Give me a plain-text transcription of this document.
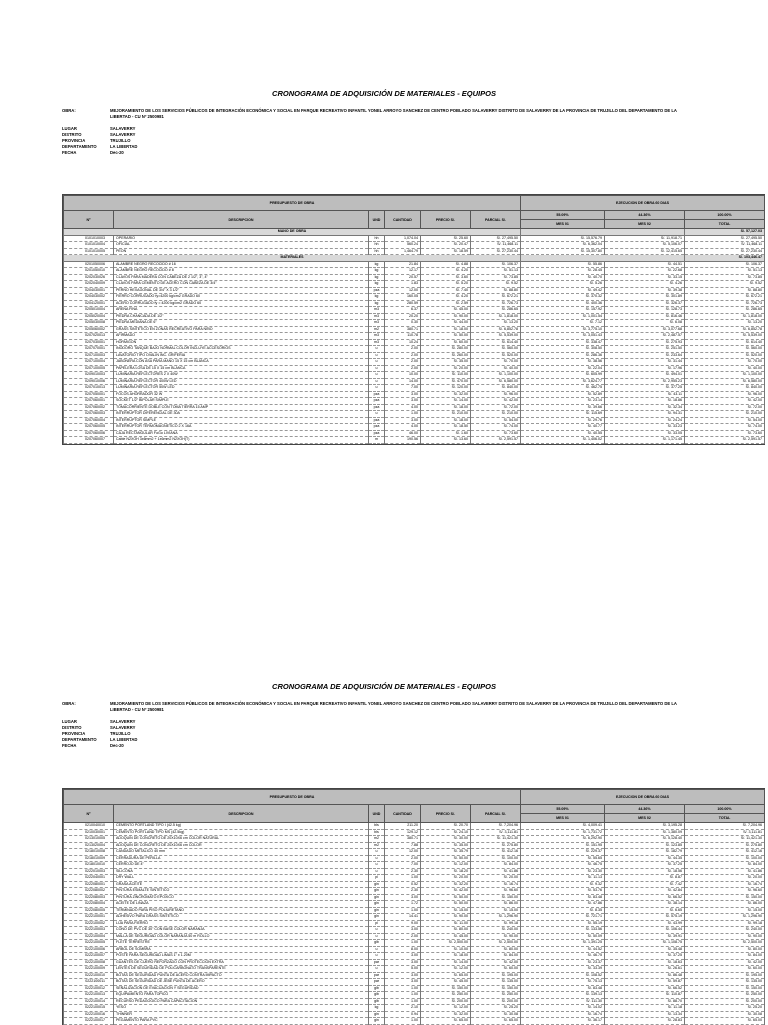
CRONOGRAMA DE ADQUISICIÓN DE MATERIALES - EQUIPOS
OBRA:	MEJORAMIENTO DE LOS SERVICIOS PÚBLICOS DE INTEGRACIÓN ECONÓMICA Y SOCIAL EN PARQUE RECREATIVO INFANTIL YONEL ARROYO SANCHEZ DE CENTRO POBLADO SALAVERRY DISTRITO DE SALAVERRY DE LA PROVINCIA DE TRUJILLO DEL DEPARTAMENTO DE LA LIBERTAD - CU Nº 2500981
LUGAR	SALAVERRY
DISTRITO	SALAVERRY
PROVINCIA	TRUJILLO
DEPARTAMENTO	LA LIBERTAD
FECHA	Dec-20
PRESUPUESTO DE OBRA						EJECUCION DE OBRA 60 DIAS		
Nº	DESCRIPCION	UND	CANTIDAD	PRECIO S/.	PARCIAL S/.	55.09%	44.36%	100.00%
						MES 01	MES 02	TOTAL
MANO DE OBRA								S/. 57,127.03
0101010003	OPERARIO	hh	1,074.04	S/. 25.60	S/. 27,495.50	S/. 15,576.79	S/. 11,918.71	S/. 27,495.50
0101010004	OFICIAL	hh	560.24	S/. 20.47	S/. 11,468.11	S/. 6,362.04	S/. 5,106.07	S/. 11,468.11
0101010005	PEON	hh	1,464.79	S/. 18.59	S/. 27,230.44	S/. 15,307.80	S/. 12,415.65	S/. 27,230.44
MATERIALES								S/. 103,446.47
0201050006	ALAMBRE NEGRO RECOCIDO # 16	kg	21.84	S/. 4.88	S/. 106.37	S/. 55.86	S/. 44.51	S/. 106.37
0201050010	ALAMBRE NEGRO RECOCIDO # 8	kg	12.17	S/. 4.20	S/. 51.13	S/. 28.45	S/. 22.68	S/. 51.13
0202030026	CLAVOS PARA MADERA CON CABEZA DE 2 1/2", 3", 4"	kg	20.57	S/. 3.60	S/. 73.85	S/. 40.70	S/. 33.15	S/. 73.85
0202040009	CLAVOS PARA CEMENTO DE ACERO CON CABEZA DE 3/4"	kg	1.83	S/. 5.20	S/. 9.52	S/. 5.26	S/. 4.26	S/. 9.52
0204030001	PERNO HEXAGONAL DE 3/4" X 3 1/2"	pza	12.00	S/. 7.40	S/. 88.80	S/. 49.42	S/. 39.38	S/. 88.80
0204030002	FIERRO CORRUGADO fy=4200 kg/cm2 GRADO 60	kg	160.05	S/. 4.20	S/. 672.21	S/. 370.32	S/. 301.89	S/. 672.21
0204120001	ACERO CORRUGADO fy = 4200 kg/cm2 GRADO 60	kg	280.59	S/. 2.59	S/. 726.73	S/. 400.36	S/. 326.37	S/. 726.73
0205010004	ARENA FINA	m3	6.37	S/. 45.00	S/. 286.65	S/. 157.92	S/. 128.73	S/. 286.65
0205020004	PIEDRA CHANCADA DE 1/2"	m3	20.20	S/. 90.00	S/. 1,818.00	S/. 1,001.54	S/. 816.46	S/. 1,818.00
0205030008	PIEDRA MEDIANA DE 6"	m3	0.30	S/. 44.00	S/. 13.20	S/. 7.12	S/. 6.08	S/. 13.20
0205060002	GRASS SINTETICO EN ZONAS RECREATIVO PARA NIÑO	m2	380.71	S/. 18.00	S/. 6,852.78	S/. 3,775.10	S/. 3,077.68	S/. 6,852.78
0207020013	AFIRMADO	m3	110.78	S/. 50.00	S/. 5,539.00	S/. 3,051.43	S/. 2,487.57	S/. 5,539.00
0207030001	HORMIGON	m3	10.24	S/. 60.00	S/. 614.40	S/. 338.47	S/. 275.93	S/. 614.40
0207070001	INODORO TANQUE BAJO NORMAL COLOR INCLUYE ACCESORIOS	u	2.00	S/. 280.00	S/. 560.00	S/. 308.50	S/. 251.50	S/. 560.00
0207100003	LAVATORIO TIPO OVALIN INC. GRIFERIA	u	2.00	S/. 260.00	S/. 520.00	S/. 286.36	S/. 233.64	S/. 520.00
0207100004	JABONERA CON ASA PARA MANO 15 X 15 cm BLANCA	u	2.00	S/. 35.00	S/. 70.00	S/. 38.56	S/. 31.44	S/. 70.00
0207100005	PAPELERA LOSA DE 15 X 15 cm BLANCA	u	2.00	S/. 20.00	S/. 40.00	S/. 22.04	S/. 17.96	S/. 40.00
0209010003	LUMINARIA REFLECTORES 2 X 40W	u	10.00	S/. 110.00	S/. 1,100.00	S/. 605.99	S/. 494.01	S/. 1,100.00
0209010006	LUMINARIA REFLECTOR 400W LED	u	14.00	S/. 470.00	S/. 6,580.00	S/. 3,624.77	S/. 2,955.23	S/. 6,580.00
0207010013	LUMINARIA REFLECTOR 50W LED	u	7.00	S/. 120.00	S/. 840.00	S/. 462.75	S/. 377.25	S/. 840.00
0207050001	FOCOS AHORRADOR 32 W	pza	3.00	S/. 32.00	S/. 96.00	S/. 52.89	S/. 43.11	S/. 96.00
0207060001	SOCKET 1/2" BIPOLAR SIMPLE	pza	3.00	S/. 14.00	S/. 42.00	S/. 23.14	S/. 18.86	S/. 42.00
0207060002	TOMACORRIENTE DOBLE CON TOMA TIERRA 15 AMP	pza	4.00	S/. 18.00	S/. 72.00	S/. 39.66	S/. 32.34	S/. 72.00
0207060003	INTERRUPTOR DIFERENCIAL DE 30A	u	1.00	S/. 210.00	S/. 210.00	S/. 115.69	S/. 94.31	S/. 210.00
0207060004	INTERRUPTOR SIMPLE	pza	3.00	S/. 18.00	S/. 54.00	S/. 29.76	S/. 24.24	S/. 54.00
0207060005	INTERRUPTOR TERMOMAGNETICO 2 X 16A	pza	4.00	S/. 18.50	S/. 74.00	S/. 40.77	S/. 33.23	S/. 74.00
0207060006	CAJA RECTANGULAR FoGo LIVIANA	pza	46.00	S/. 1.60	S/. 73.60	S/. 40.55	S/. 33.05	S/. 73.60
0207060007	Cable N2XOH 3x6mm2 + 1x6mm2 N2XOH(T)	m	190.56	S/. 13.60	S/. 2,591.57	S/. 1,406.02	S/. 1,171.45	S/. 2,591.57
CRONOGRAMA DE ADQUISICIÓN DE MATERIALES - EQUIPOS
OBRA:	MEJORAMIENTO DE LOS SERVICIOS PÚBLICOS DE INTEGRACIÓN ECONÓMICA Y SOCIAL EN PARQUE RECREATIVO INFANTIL YONEL ARROYO SANCHEZ DE CENTRO POBLADO SALAVERRY DISTRITO DE SALAVERRY DE LA PROVINCIA DE TRUJILLO DEL DEPARTAMENTO DE LA LIBERTAD - CU Nº 2500981
LUGAR	SALAVERRY
DISTRITO	SALAVERRY
PROVINCIA	TRUJILLO
DEPARTAMENTO	LA LIBERTAD
FECHA	Dec-20
PRESUPUESTO DE OBRA						EJECUCION DE OBRA 60 DIAS		
Nº	DESCRIPCION	UND	CANTIDAD	PRECIO S/.	PARCIAL S/.	55.09%	44.36%	100.00%
						MES 01	MES 02	TOTAL
0210040010	CEMENTO PORTLAND TIPO I (42.5 kg)	bls	211.20	S/. 20.70	S/. 7,204.96	S/. 4,009.41	S/. 3,195.28	S/. 7,204.96
0210030001	CEMENTO PORTLAND TIPO MS (42.5kg)	bls	129.12	S/. 24.10	S/. 3,111.81	S/. 1,731.72	S/. 1,380.09	S/. 3,111.81
0213010005	ADOQUIN DE CONCRETO DE 20X10X6 cm COLOR NATURAL	m2	380.71	S/. 30.00	S/. 11,421.30	S/. 6,292.90	S/. 5,128.40	S/. 11,421.30
0213020004	ADOQUIN DE CONCRETO DE 20X10X6 cm COLOR	m2	7.88	S/. 35.00	S/. 275.80	S/. 151.95	S/. 123.85	S/. 275.80
0218010008	CANDADO METALICO 40 mm	u	12.00	S/. 35.79	S/. 412.16	S/. 229.37	S/. 182.79	S/. 412.16
0218010009	CERRADURA DE PERILLA	u	2.00	S/. 50.00	S/. 100.00	S/. 55.65	S/. 44.35	S/. 100.00
0218010010	CERROJO DE 4"	u	7.00	S/. 12.00	S/. 84.00	S/. 46.75	S/. 37.25	S/. 84.00
0222010003	SILICONA	u	2.30	S/. 18.20	S/. 41.86	S/. 23.30	S/. 18.56	S/. 41.86
0222040001	DRY WALL	pl	1.00	S/. 20.00	S/. 20.00	S/. 11.13	S/. 8.87	S/. 20.00
0222080001	GRASA ACEITE	gln	0.52	S/. 32.20	S/. 16.74	S/. 9.32	S/. 7.42	S/. 16.74
0222080002	PINTURA ESMALTE SINTETICO	gln	2.30	S/. 42.00	S/. 96.60	S/. 53.76	S/. 42.84	S/. 96.60
0222080003	PINTURA ZINCROMATO EPOXICO	gln	3.00	S/. 50.00	S/. 150.00	S/. 83.48	S/. 66.52	S/. 150.00
0222080004	ACEITE DE LINAZA	gln	1.72	S/. 50.00	S/. 86.00	S/. 47.86	S/. 38.14	S/. 86.00
0222080005	TERMINADO PARA PISO POLIURETANO	gln	1.00	S/. 15.00	S/. 15.00	S/. 8.35	S/. 6.65	S/. 15.00
0222100001	ADHESIVO PARA GRASS SINTETICO	gln	14.41	S/. 90.00	S/. 1,296.90	S/. 721.71	S/. 575.19	S/. 1,296.90
0222100002	LIJA PARA FIERRO	pl	9.00	S/. 11.00	S/. 99.18	S/. 55.19	S/. 43.99	S/. 99.18
0222100003	CONO DE PVC DE 30" CON BASE COLOR NARANJA	u	3.00	S/. 80.00	S/. 240.00	S/. 133.56	S/. 106.44	S/. 240.00
0222100004	MALLA DE SEGURIDAD COLOR NARANJA 50 m ROLLO	u	2.00	S/. 45.00	S/. 90.00	S/. 50.09	S/. 39.91	S/. 90.00
0222100005	FLETE TERRESTRE	glb	1.00	S/. 2,500.00	S/. 2,500.00	S/. 1,391.25	S/. 1,108.75	S/. 2,500.00
0222100006	ARBOL DE SOMBRA	u	8.00	S/. 10.00	S/. 80.00	S/. 44.52	S/. 35.48	S/. 80.00
0222100007	POSTE PARA SEGURIDAD LIMAS 1" x 1.20M	u	3.00	S/. 18.00	S/. 84.00	S/. 46.75	S/. 37.25	S/. 84.00
0222100008	GUANTES DE CUERO REFORZADO CON PROTECCION EXTRA	par	3.00	S/. 14.00	S/. 42.00	S/. 23.37	S/. 18.63	S/. 42.00
0222100009	LENTES DE SEGURIDAD DE POLICARBONATO TRANSPARENTE	u	5.00	S/. 12.00	S/. 60.00	S/. 33.39	S/. 26.61	S/. 60.00
0222100010	BOTAS DE SEGURIDAD PUNTA DE ACERO CONTRA IMPACTO	par	3.00	S/. 65.00	S/. 195.00	S/. 108.52	S/. 86.48	S/. 195.00
0222100011	BOTAS DE SEGURIDAD DE JEBE PUNTA DE ACERO	par	3.00	S/. 45.00	S/. 135.00	S/. 75.13	S/. 59.87	S/. 135.00
0222100012	SEÑALIZACION DE EVACUACION Y SEGURIDAD	glb	1.00	S/. 150.00	S/. 150.00	S/. 83.48	S/. 66.52	S/. 150.00
0222100013	EQUIPAMIENTO PARA TOPICO	glb	1.00	S/. 250.00	S/. 250.00	S/. 139.13	S/. 110.87	S/. 250.00
0222100014	RECURSO PEDAGOGICO PARA CAPACITACION	glb	1.00	S/. 200.00	S/. 200.00	S/. 111.30	S/. 88.70	S/. 200.00
0222100015	YESO	kg	2.10	S/. 12.00	S/. 25.20	S/. 14.02	S/. 11.18	S/. 25.20
0222100016	THINNER	gln	0.94	S/. 32.00	S/. 30.08	S/. 16.74	S/. 13.34	S/. 30.08
0222100017	PEGAMENTO PARA PVC	gln	1.00	S/. 65.00	S/. 65.00	S/. 36.17	S/. 28.83	S/. 65.00
